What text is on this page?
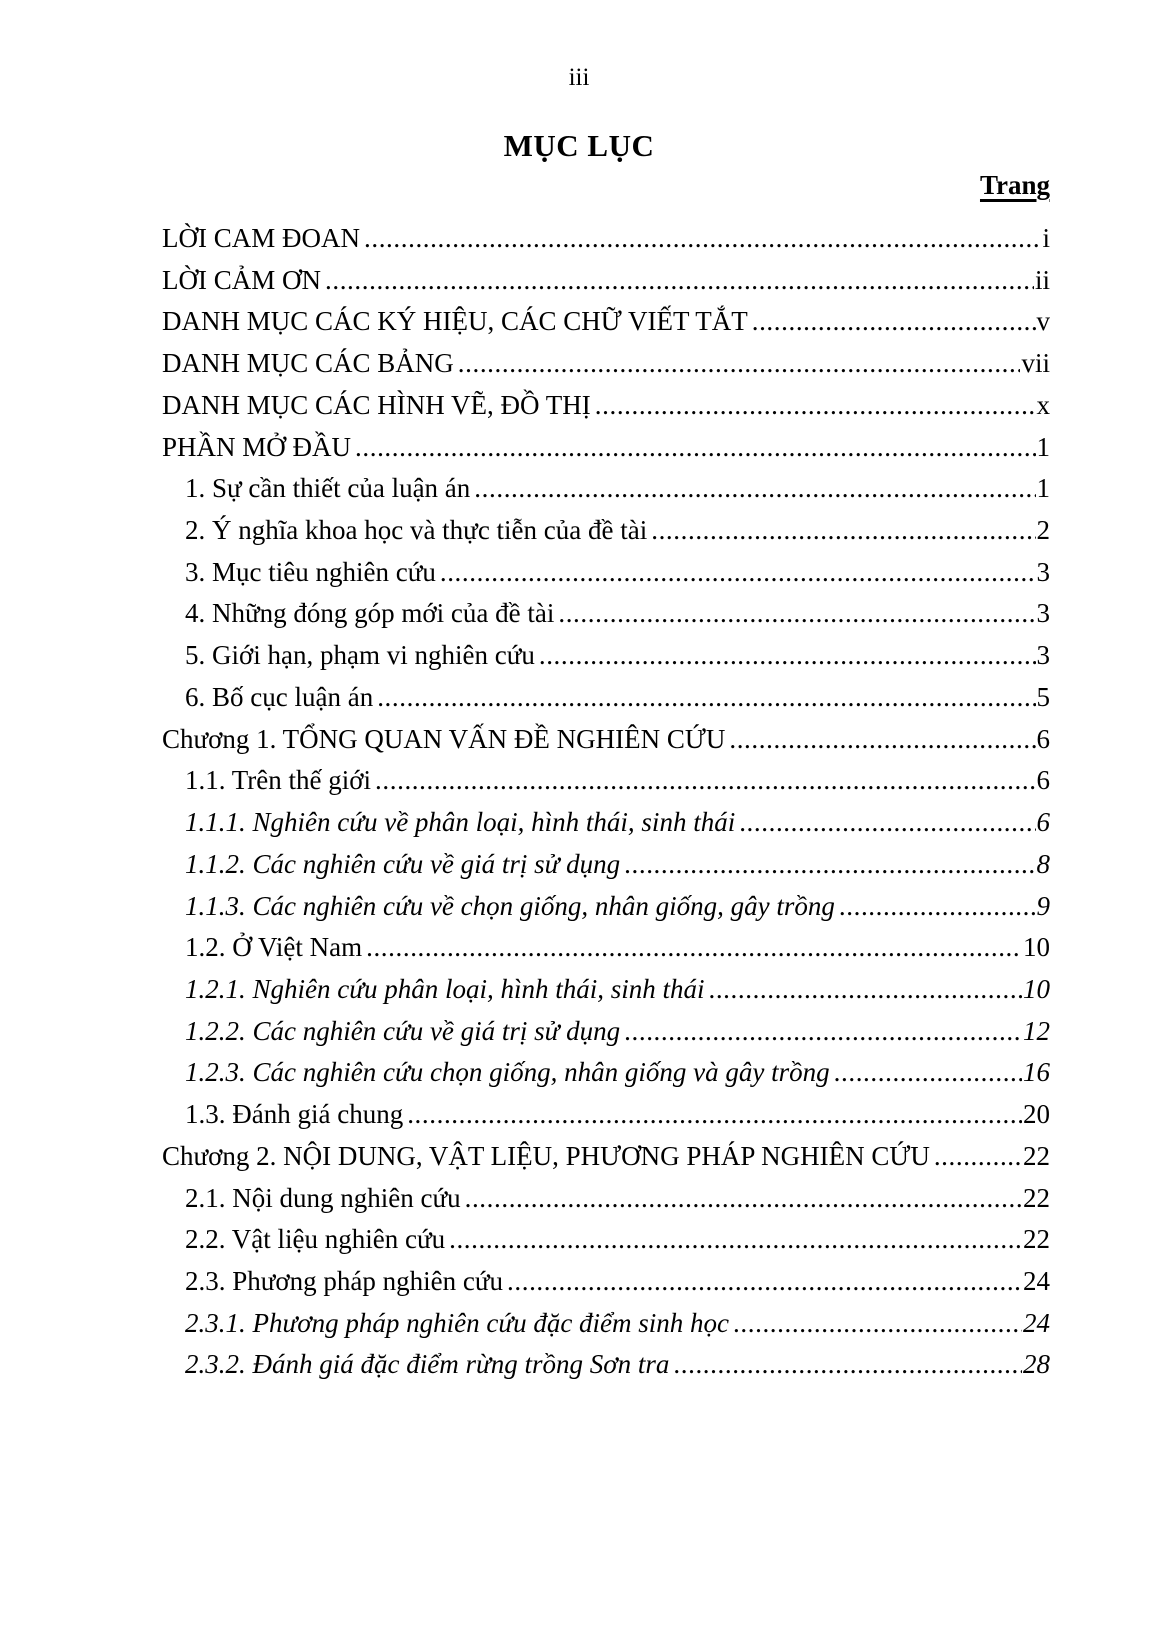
iii
MỤC LỤC
Trang
LỜI CAM ĐOAN .....	i
LỜI CẢM ƠN .....	ii
DANH MỤC CÁC KÝ HIỆU, CÁC CHỮ VIẾT TẮT .....	v
DANH MỤC CÁC BẢNG .....	vii
DANH MỤC CÁC HÌNH VẼ, ĐỒ THỊ .....	x
PHẦN MỞ ĐẦU .....	1
1. Sự cần thiết của luận án .....	1
2. Ý nghĩa khoa học và thực tiễn của đề tài .....	2
3. Mục tiêu nghiên cứu .....	3
4. Những đóng góp mới của đề tài .....	3
5. Giới hạn, phạm vi nghiên cứu .....	3
6. Bố cục luận án .....	5
Chương 1. TỔNG QUAN VẤN ĐỀ NGHIÊN CỨU .....	6
1.1. Trên thế giới .....	6
1.1.1. Nghiên cứu về phân loại, hình thái, sinh thái .....	6
1.1.2. Các nghiên cứu về giá trị sử dụng .....	8
1.1.3. Các nghiên cứu về chọn giống, nhân giống, gây trồng .....	9
1.2. Ở Việt Nam .....	10
1.2.1. Nghiên cứu phân loại, hình thái, sinh thái .....	10
1.2.2. Các nghiên cứu về giá trị sử dụng .....	12
1.2.3. Các nghiên cứu chọn giống, nhân giống và gây trồng .....	16
1.3. Đánh giá chung .....	20
Chương 2. NỘI DUNG, VẬT LIỆU, PHƯƠNG PHÁP NGHIÊN CỨU .....	22
2.1. Nội dung nghiên cứu .....	22
2.2. Vật liệu nghiên cứu .....	22
2.3. Phương pháp nghiên cứu .....	24
2.3.1. Phương pháp nghiên cứu đặc điểm sinh học .....	24
2.3.2. Đánh giá đặc điểm rừng trồng Sơn tra .....	28
